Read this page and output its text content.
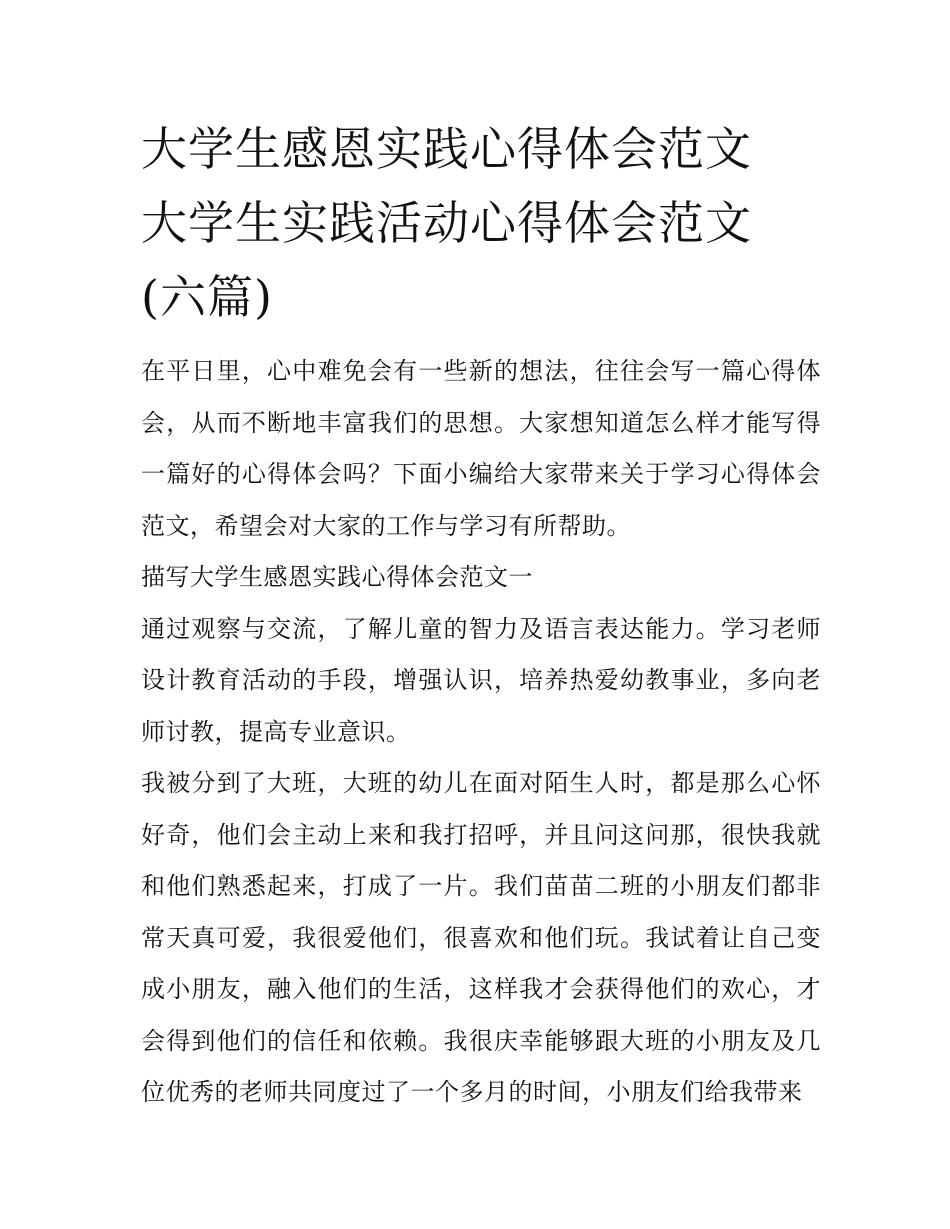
大学生感恩实践心得体会范文
大学生实践活动心得体会范文
(六篇)

在平日里，心中难免会有一些新的想法，往往会写一篇心得体会，从而不断地丰富我们的思想。大家想知道怎么样才能写得一篇好的心得体会吗？下面小编给大家带来关于学习心得体会范文，希望会对大家的工作与学习有所帮助。

描写大学生感恩实践心得体会范文一

通过观察与交流，了解儿童的智力及语言表达能力。学习老师设计教育活动的手段，增强认识，培养热爱幼教事业，多向老师讨教，提高专业意识。

我被分到了大班，大班的幼儿在面对陌生人时，都是那么心怀好奇，他们会主动上来和我打招呼，并且问这问那，很快我就和他们熟悉起来，打成了一片。我们苗苗二班的小朋友们都非常天真可爱，我很爱他们，很喜欢和他们玩。我试着让自己变成小朋友，融入他们的生活，这样我才会获得他们的欢心，才会得到他们的信任和依赖。我很庆幸能够跟大班的小朋友及几位优秀的老师共同度过了一个多月的时间，小朋友们给我带来
